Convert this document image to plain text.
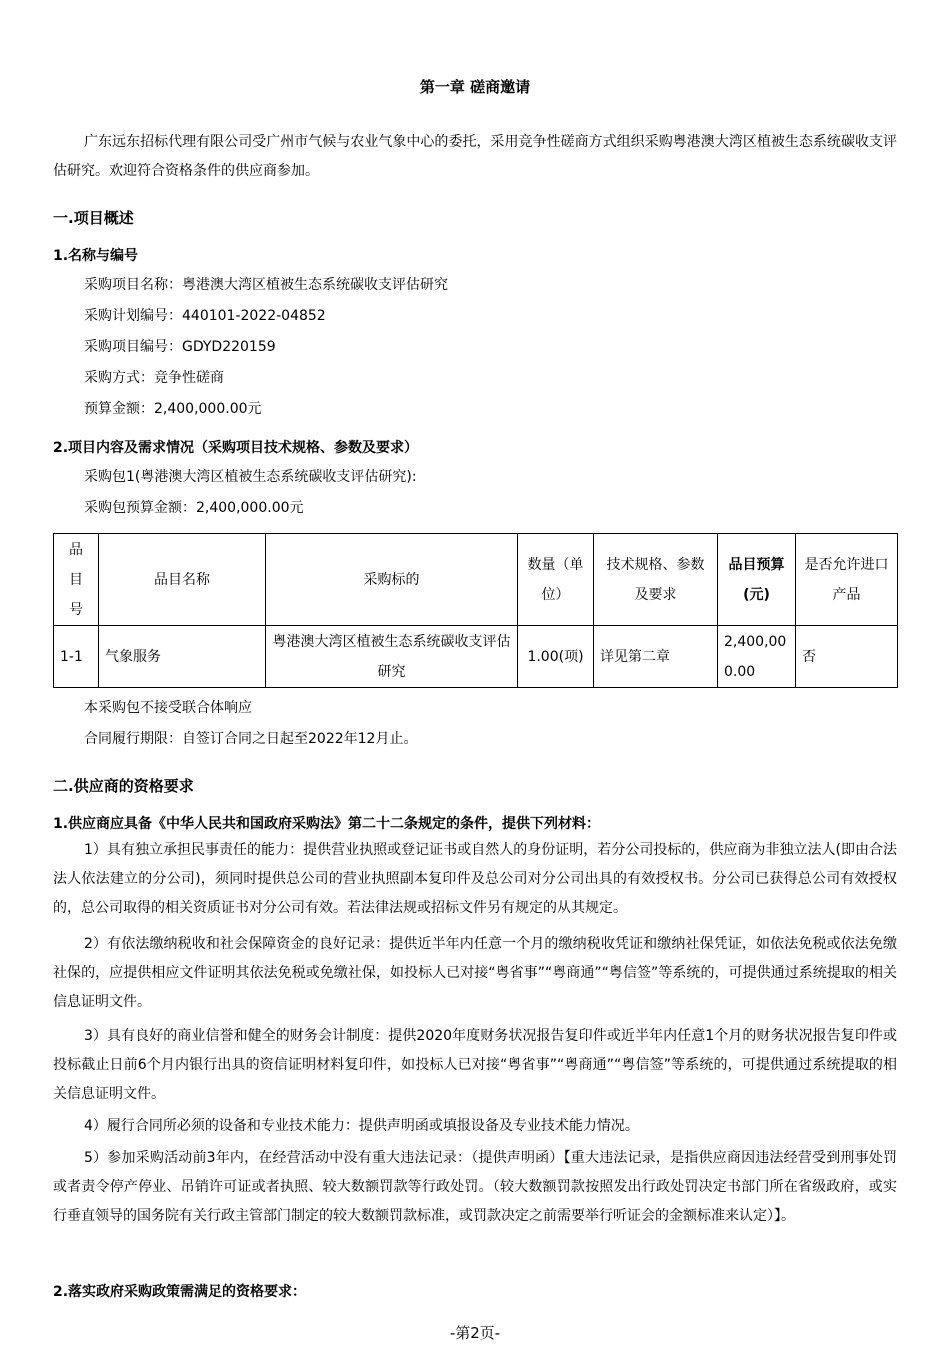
第一章 磋商邀请
广东远东招标代理有限公司受广州市气候与农业气象中心的委托，采用竞争性磋商方式组织采购粤港澳大湾区植被生态系统碳收支评估研究。欢迎符合资格条件的供应商参加。
一.项目概述
1.名称与编号
采购项目名称：粤港澳大湾区植被生态系统碳收支评估研究
采购计划编号：440101-2022-04852
采购项目编号：GDYD220159
采购方式：竞争性磋商
预算金额：2,400,000.00元
2.项目内容及需求情况（采购项目技术规格、参数及要求）
采购包1(粤港澳大湾区植被生态系统碳收支评估研究):
采购包预算金额：2,400,000.00元
品目号	品目名称	采购标的	数量（单位）	技术规格、参数及要求	品目预算(元)	是否允许进口产品
1-1	气象服务	粤港澳大湾区植被生态系统碳收支评估研究	1.00(项)	详见第二章	2,400,000.00	否
本采购包不接受联合体响应
合同履行期限：自签订合同之日起至2022年12月止。
二.供应商的资格要求
1.供应商应具备《中华人民共和国政府采购法》第二十二条规定的条件，提供下列材料：
1）具有独立承担民事责任的能力：提供营业执照或登记证书或自然人的身份证明，若分公司投标的，供应商为非独立法人(即由合法法人依法建立的分公司)，须同时提供总公司的营业执照副本复印件及总公司对分公司出具的有效授权书。分公司已获得总公司有效授权的，总公司取得的相关资质证书对分公司有效。若法律法规或招标文件另有规定的从其规定。
2）有依法缴纳税收和社会保障资金的良好记录：提供近半年内任意一个月的缴纳税收凭证和缴纳社保凭证，如依法免税或依法免缴社保的，应提供相应文件证明其依法免税或免缴社保，如投标人已对接“粤省事”“粤商通”“粤信签”等系统的，可提供通过系统提取的相关信息证明文件。
3）具有良好的商业信誉和健全的财务会计制度：提供2020年度财务状况报告复印件或近半年内任意1个月的财务状况报告复印件或投标截止日前6个月内银行出具的资信证明材料复印件，如投标人已对接“粤省事”“粤商通”“粤信签”等系统的，可提供通过系统提取的相关信息证明文件。
4）履行合同所必须的设备和专业技术能力：提供声明函或填报设备及专业技术能力情况。
5）参加采购活动前3年内，在经营活动中没有重大违法记录：（提供声明函）【重大违法记录，是指供应商因违法经营受到刑事处罚或者责令停产停业、吊销许可证或者执照、较大数额罚款等行政处罚。（较大数额罚款按照发出行政处罚决定书部门所在省级政府，或实行垂直领导的国务院有关行政主管部门制定的较大数额罚款标准，或罚款决定之前需要举行听证会的金额标准来认定）】。
2.落实政府采购政策需满足的资格要求：
-第2页-
